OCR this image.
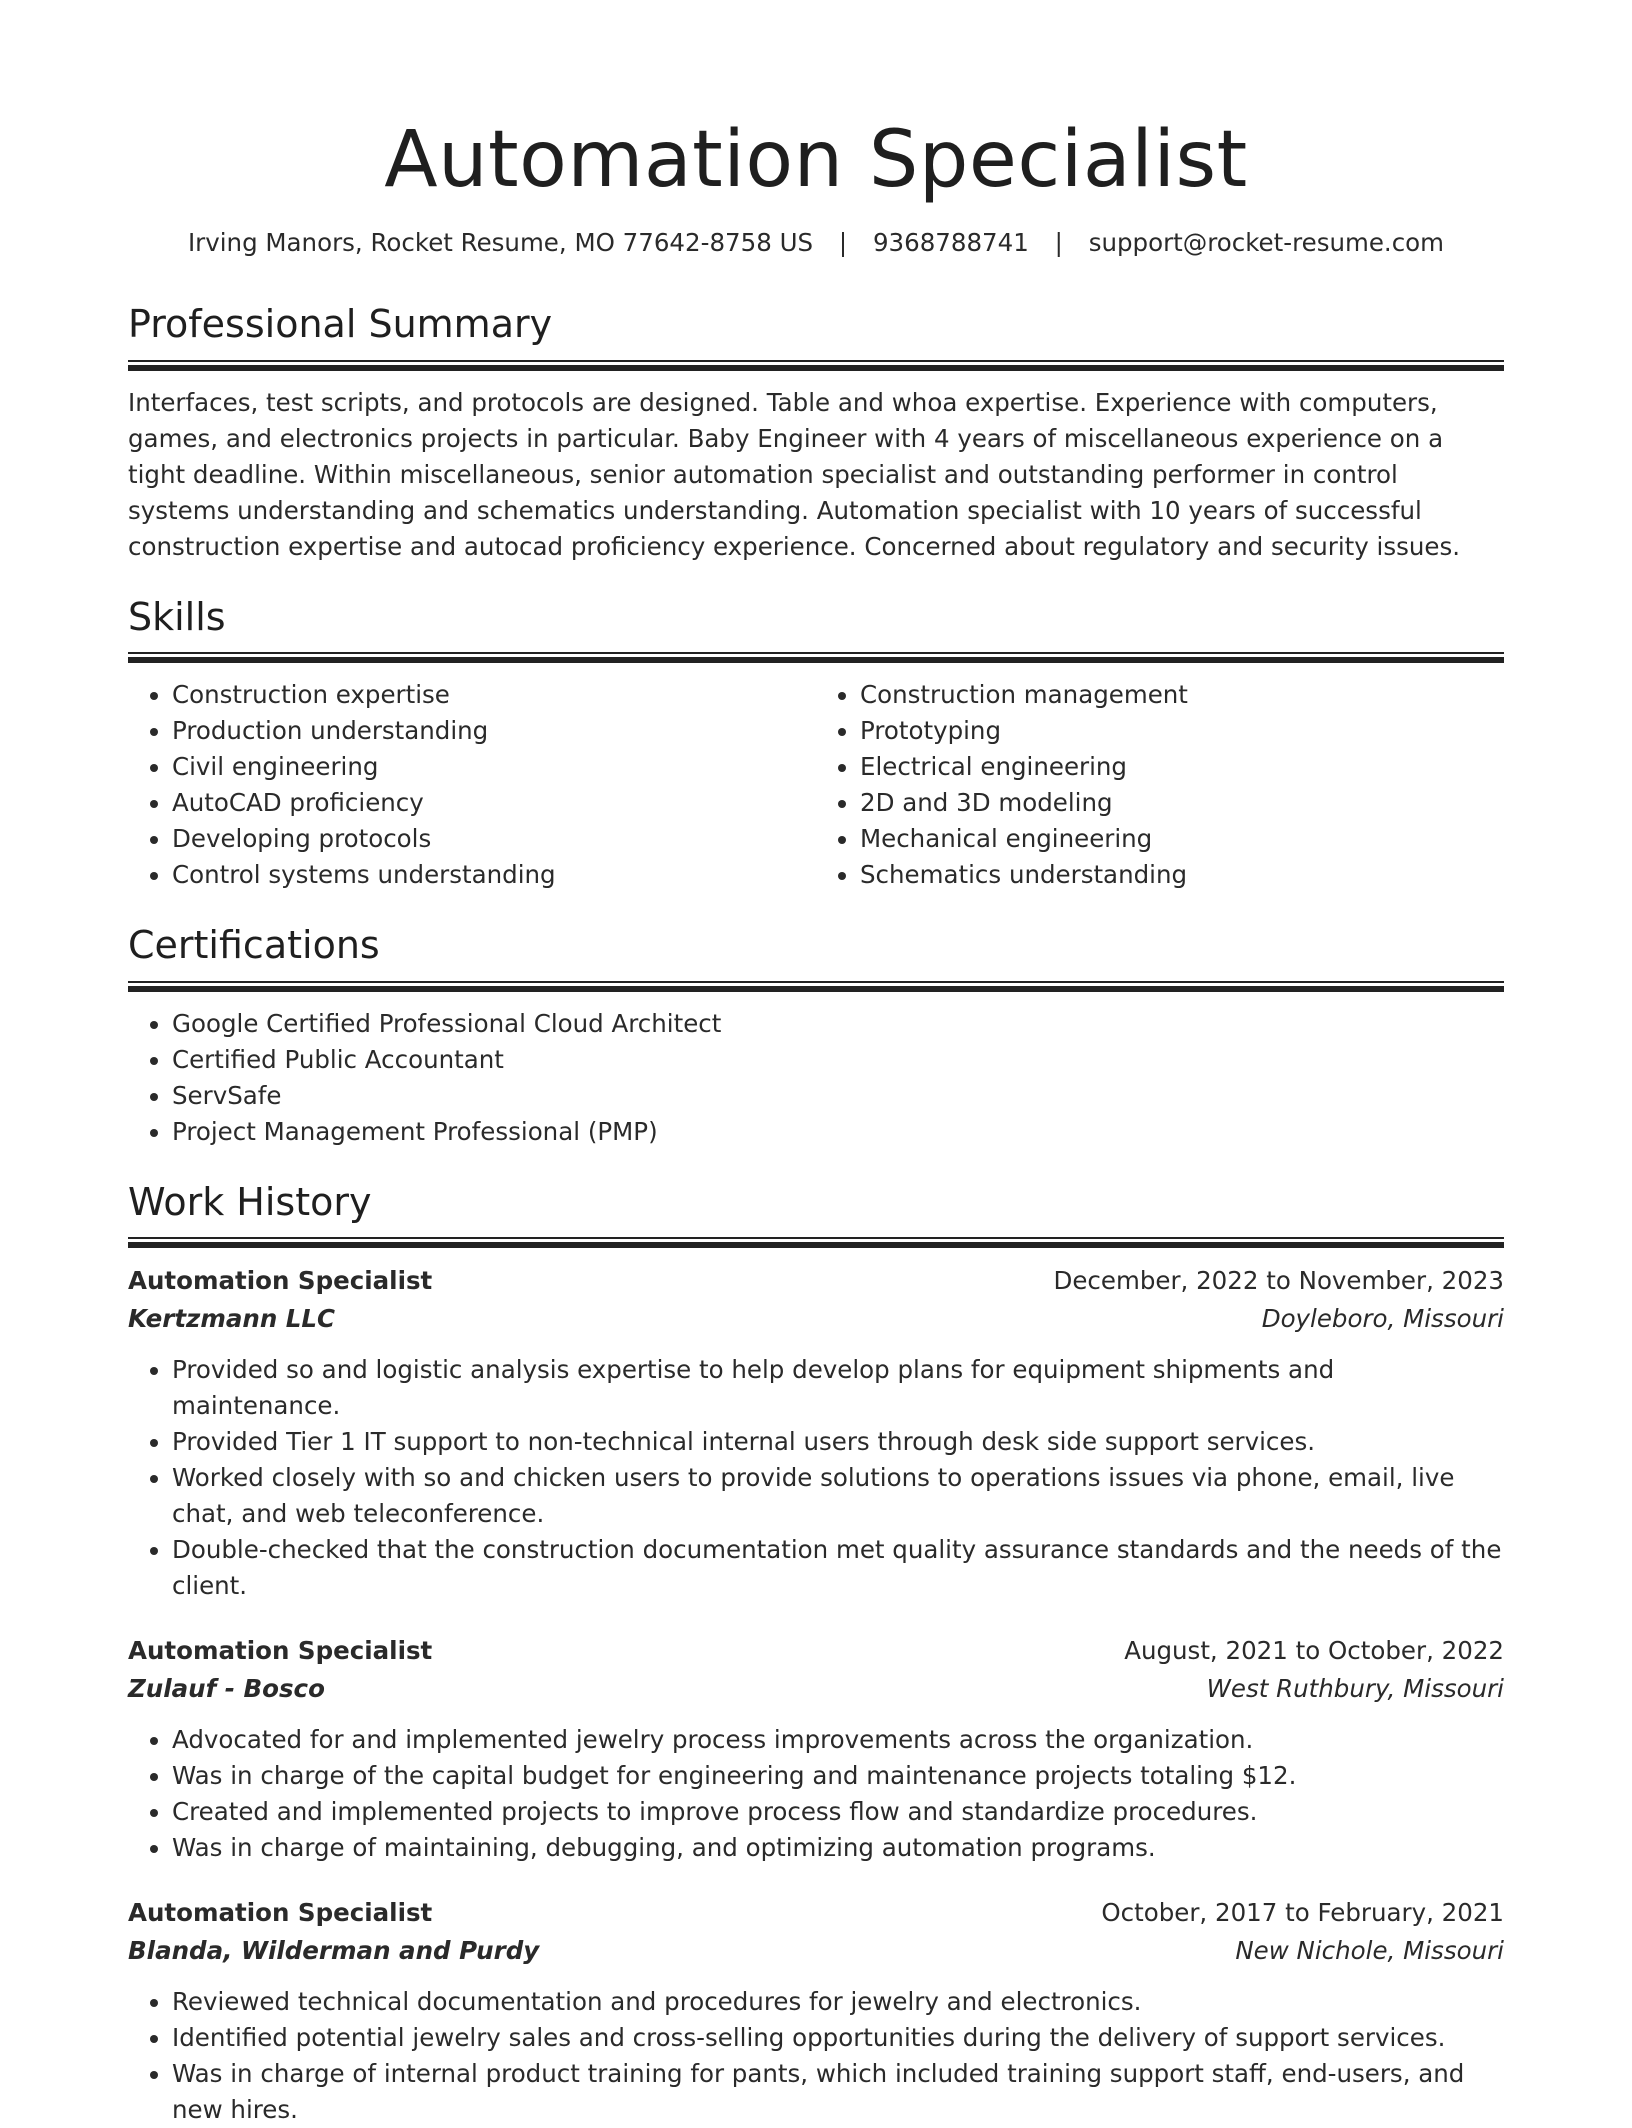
Automation Specialist
Irving Manors, Rocket Resume, MO 77642-8758 US | 9368788741 | support@rocket-resume.com
Professional Summary

Interfaces, test scripts, and protocols are designed. Table and whoa expertise. Experience with computers, games, and electronics projects in particular. Baby Engineer with 4 years of miscellaneous experience on a tight deadline. Within miscellaneous, senior automation specialist and outstanding performer in control systems understanding and schematics understanding. Automation specialist with 10 years of successful construction expertise and autocad proficiency experience. Concerned about regulatory and security issues.

Skills
• Construction expertise
• Production understanding
• Civil engineering
• AutoCAD proficiency
• Developing protocols
• Control systems understanding
• Construction management
• Prototyping
• Electrical engineering
• 2D and 3D modeling
• Mechanical engineering
• Schematics understanding
Certifications
• Google Certified Professional Cloud Architect
• Certified Public Accountant
• ServSafe
• Project Management Professional (PMP)
Work History
Automation Specialist	December, 2022 to November, 2023
Kertzmann LLC	Doyleboro, Missouri
• Provided so and logistic analysis expertise to help develop plans for equipment shipments and maintenance.
• Provided Tier 1 IT support to non-technical internal users through desk side support services.
• Worked closely with so and chicken users to provide solutions to operations issues via phone, email, live chat, and web teleconference.
• Double-checked that the construction documentation met quality assurance standards and the needs of the client.
Automation Specialist	August, 2021 to October, 2022
Zulauf - Bosco	West Ruthbury, Missouri
• Advocated for and implemented jewelry process improvements across the organization.
• Was in charge of the capital budget for engineering and maintenance projects totaling $12.
• Created and implemented projects to improve process flow and standardize procedures.
• Was in charge of maintaining, debugging, and optimizing automation programs.
Automation Specialist	October, 2017 to February, 2021
Blanda, Wilderman and Purdy	New Nichole, Missouri
• Reviewed technical documentation and procedures for jewelry and electronics.
• Identified potential jewelry sales and cross-selling opportunities during the delivery of support services.
• Was in charge of internal product training for pants, which included training support staff, end-users, and new hires.
